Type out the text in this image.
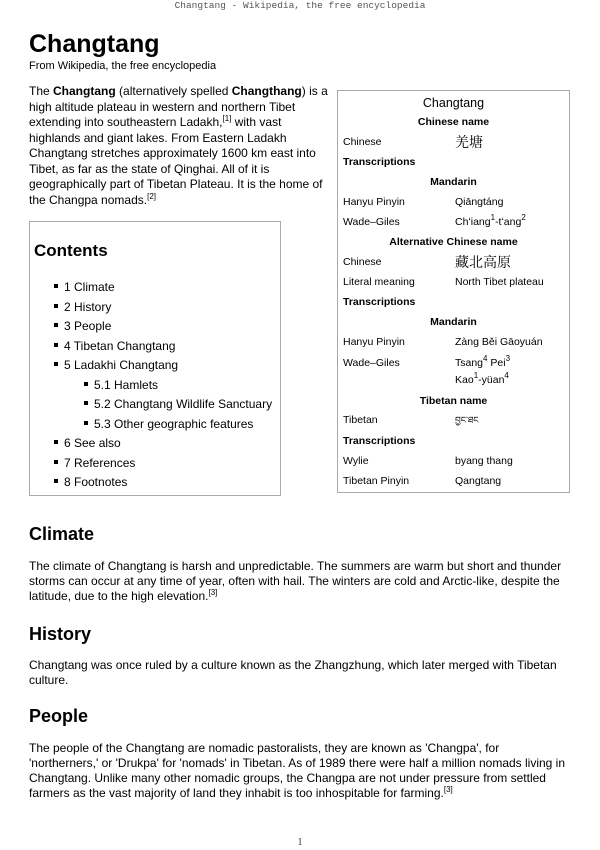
Changtang - Wikipedia, the free encyclopedia
Changtang
From Wikipedia, the free encyclopedia

The Changtang (alternatively spelled Changthang) is a high altitude plateau in western and northern Tibet extending into southeastern Ladakh,[1] with vast highlands and giant lakes. From Eastern Ladakh Changtang stretches approximately 1600 km east into Tibet, as far as the state of Qinghai. All of it is geographically part of Tibetan Plateau. It is the home of the Changpa nomads.[2]

Changtang
Chinese name
Chinese	羌塘
Transcriptions
Mandarin
Hanyu Pinyin	Qiāngtáng
Wade–Giles	Chʻiang$^1$-tʻang$^2$
Alternative Chinese name
Chinese	藏北高原
Literal meaning	North Tibet plateau
Transcriptions
Mandarin
Hanyu Pinyin	Zàng Běi Gāoyuán
Wade–Giles	Tsang$^4$ Pei$^3$
Kao$^1$-yüan$^4$
Tibetan name
Tibetan	བྱང་ཐང
Transcriptions
Wylie	byang thang
Tibetan Pinyin	Qangtang
Contents
1 Climate
2 History
3 People
4 Tibetan Changtang
5 Ladakhi Changtang
5.1 Hamlets
5.2 Changtang Wildlife Sanctuary
5.3 Other geographic features
6 See also
7 References
8 Footnotes
Climate

The climate of Changtang is harsh and unpredictable. The summers are warm but short and thunder storms can occur at any time of year, often with hail. The winters are cold and Arctic-like, despite the latitude, due to the high elevation.[3]

History

Changtang was once ruled by a culture known as the Zhangzhung, which later merged with Tibetan culture.

People

The people of the Changtang are nomadic pastoralists, they are known as 'Changpa', for 'northerners,' or 'Drukpa' for 'nomads' in Tibetan. As of 1989 there were half a million nomads living in Changtang. Unlike many other nomadic groups, the Changpa are not under pressure from settled farmers as the vast majority of land they inhabit is too inhospitable for farming.[3]

1
